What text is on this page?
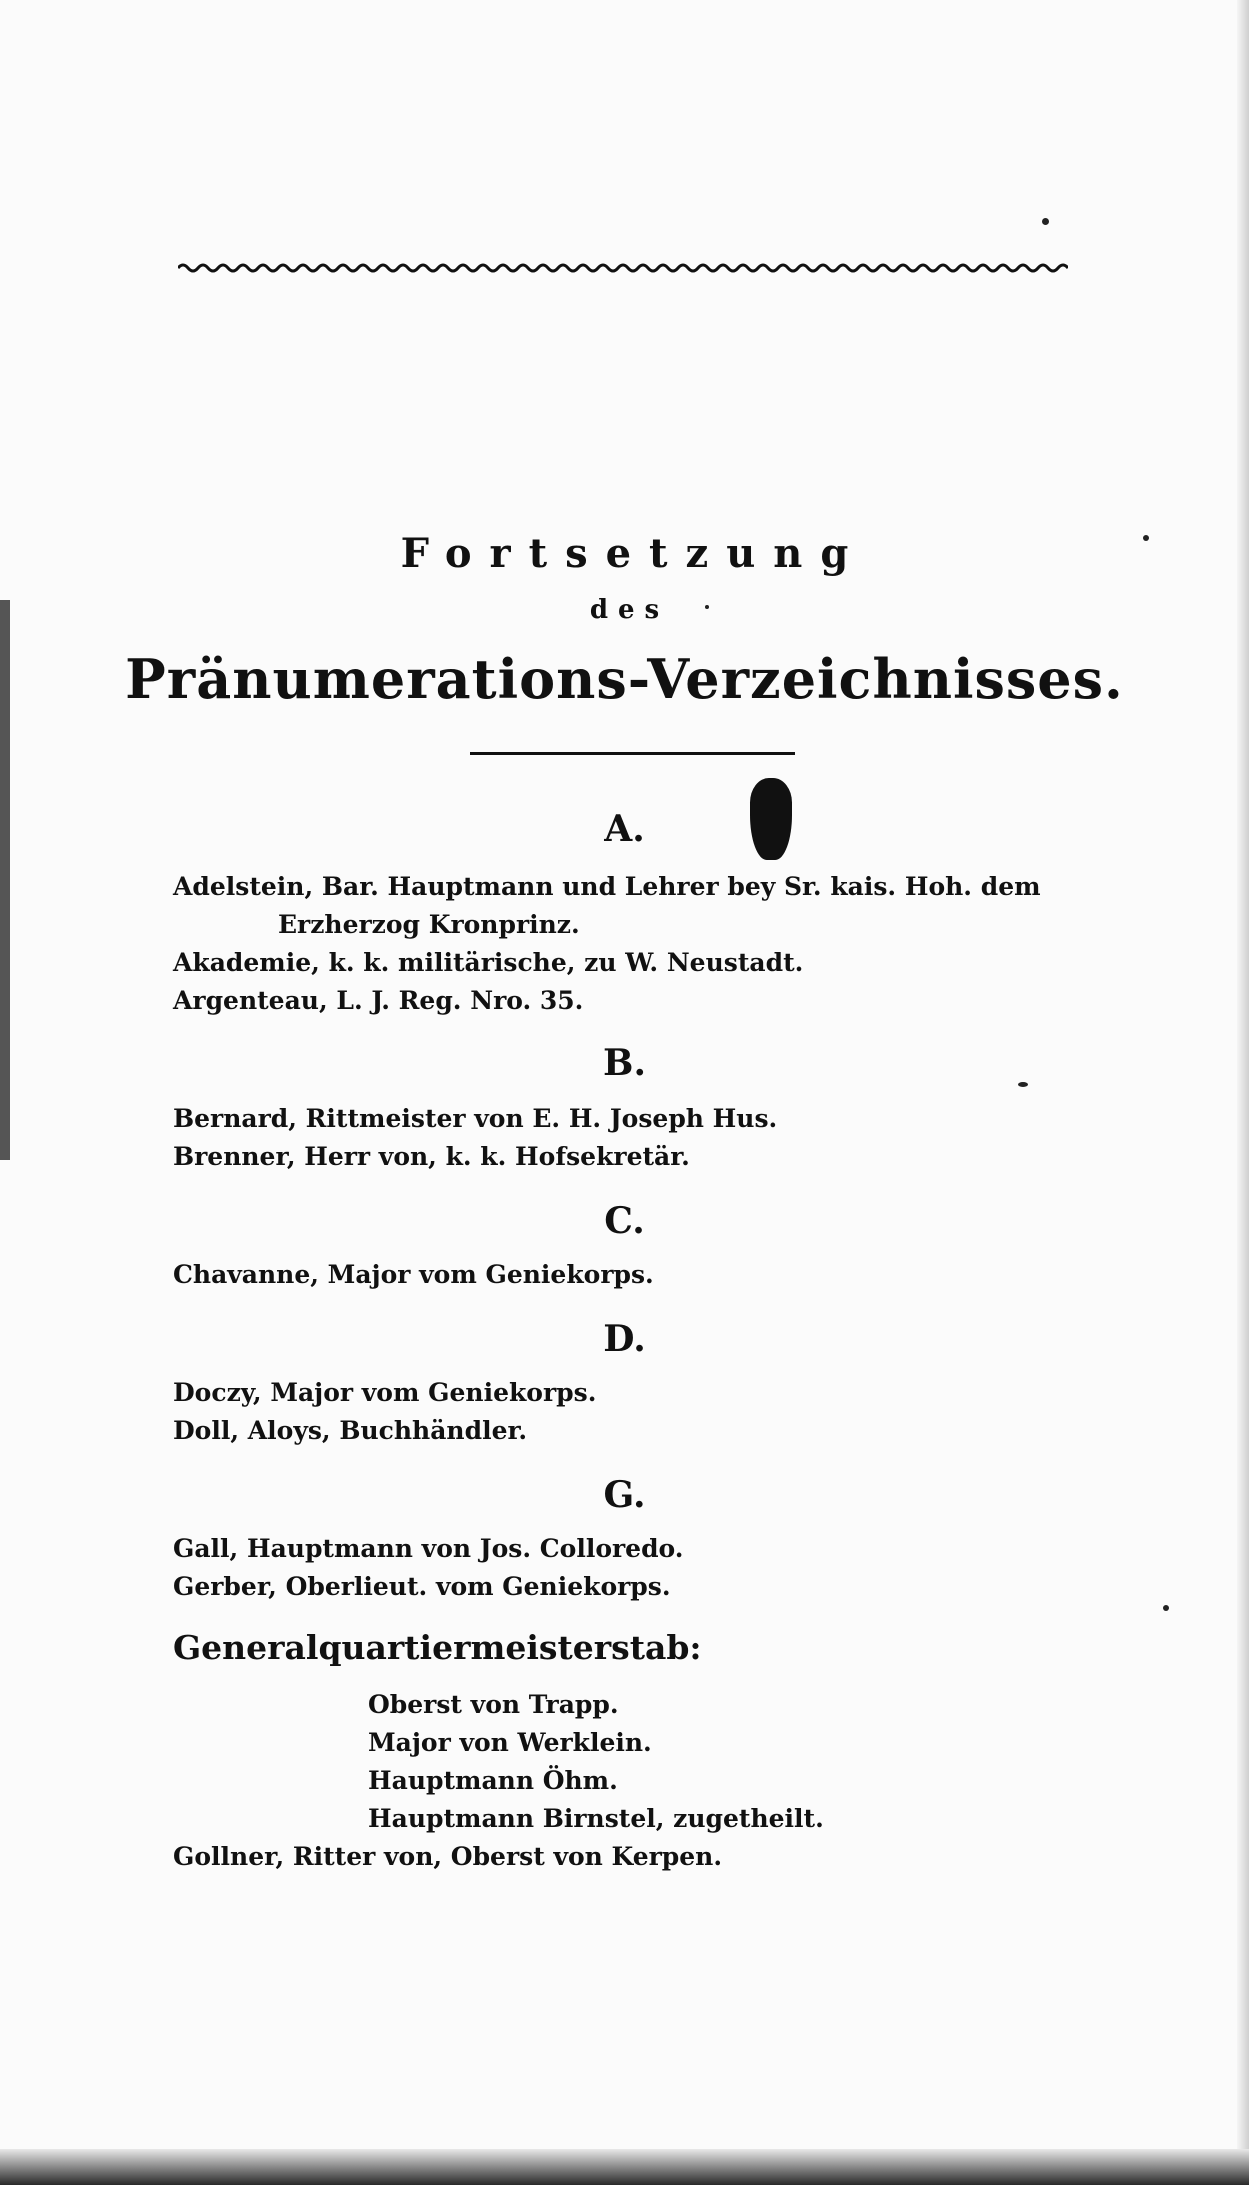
Fortsetzung

des

Pränumerations-Verzeichnisses.

A.

Adelstein, Bar. Hauptmann und Lehrer bey Sr. kais. Hoh. dem

Erzherzog Kronprinz.

Akademie, k. k. militärische, zu W. Neustadt.

Argenteau, L. J. Reg. Nro. 35.

B.

Bernard, Rittmeister von E. H. Joseph Hus.

Brenner, Herr von, k. k. Hofsekretär.

C.

Chavanne, Major vom Geniekorps.

D.

Doczy, Major vom Geniekorps.

Doll, Aloys, Buchhändler.

G.

Gall, Hauptmann von Jos. Colloredo.

Gerber, Oberlieut. vom Geniekorps.

Generalquartiermeisterstab:

Oberst von Trapp.

Major von Werklein.

Hauptmann Öhm.

Hauptmann Birnstel, zugetheilt.

Gollner, Ritter von, Oberst von Kerpen.
